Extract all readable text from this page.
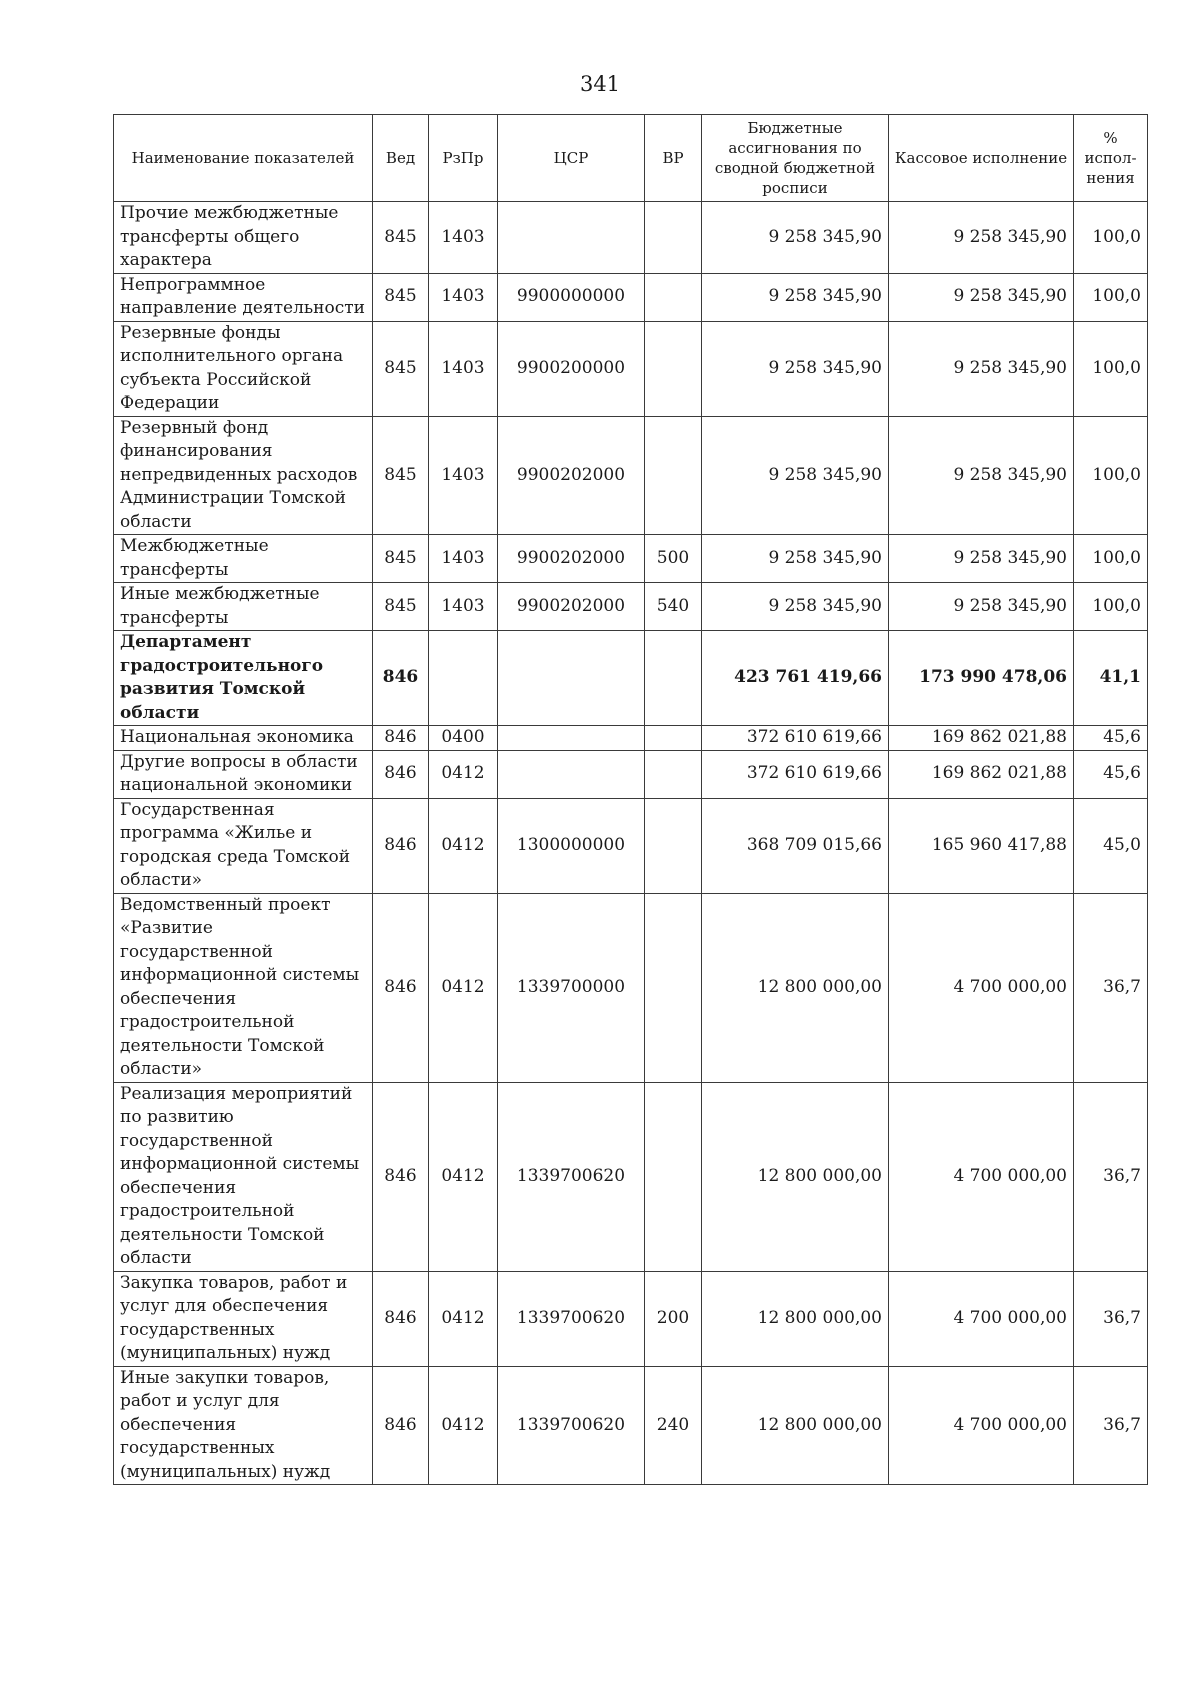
341
Наименование показателей	Вед	РзПр	ЦСР	ВР	Бюджетные ассигнования по сводной бюджетной росписи	Кассовое исполнение	% испол-нения
Прочие межбюджетные трансферты общего характера	845	1403			9 258 345,90	9 258 345,90	100,0
Непрограммное направление деятельности	845	1403	9900000000		9 258 345,90	9 258 345,90	100,0
Резервные фонды исполнительного органа субъекта Российской Федерации	845	1403	9900200000		9 258 345,90	9 258 345,90	100,0
Резервный фонд финансирования непредвиденных расходов Администрации Томской области	845	1403	9900202000		9 258 345,90	9 258 345,90	100,0
Межбюджетные трансферты	845	1403	9900202000	500	9 258 345,90	9 258 345,90	100,0
Иные межбюджетные трансферты	845	1403	9900202000	540	9 258 345,90	9 258 345,90	100,0
Департамент градостроительного развития Томской области	846				423 761 419,66	173 990 478,06	41,1
Национальная экономика	846	0400			372 610 619,66	169 862 021,88	45,6
Другие вопросы в области национальной экономики	846	0412			372 610 619,66	169 862 021,88	45,6
Государственная программа «Жилье и городская среда Томской области»	846	0412	1300000000		368 709 015,66	165 960 417,88	45,0
Ведомственный проект «Развитие государственной информационной системы обеспечения градостроительной деятельности Томской области»	846	0412	1339700000		12 800 000,00	4 700 000,00	36,7
Реализация мероприятий по развитию государственной информационной системы обеспечения градостроительной деятельности Томской области	846	0412	1339700620		12 800 000,00	4 700 000,00	36,7
Закупка товаров, работ и услуг для обеспечения государственных (муниципальных) нужд	846	0412	1339700620	200	12 800 000,00	4 700 000,00	36,7
Иные закупки товаров, работ и услуг для обеспечения государственных (муниципальных) нужд	846	0412	1339700620	240	12 800 000,00	4 700 000,00	36,7
